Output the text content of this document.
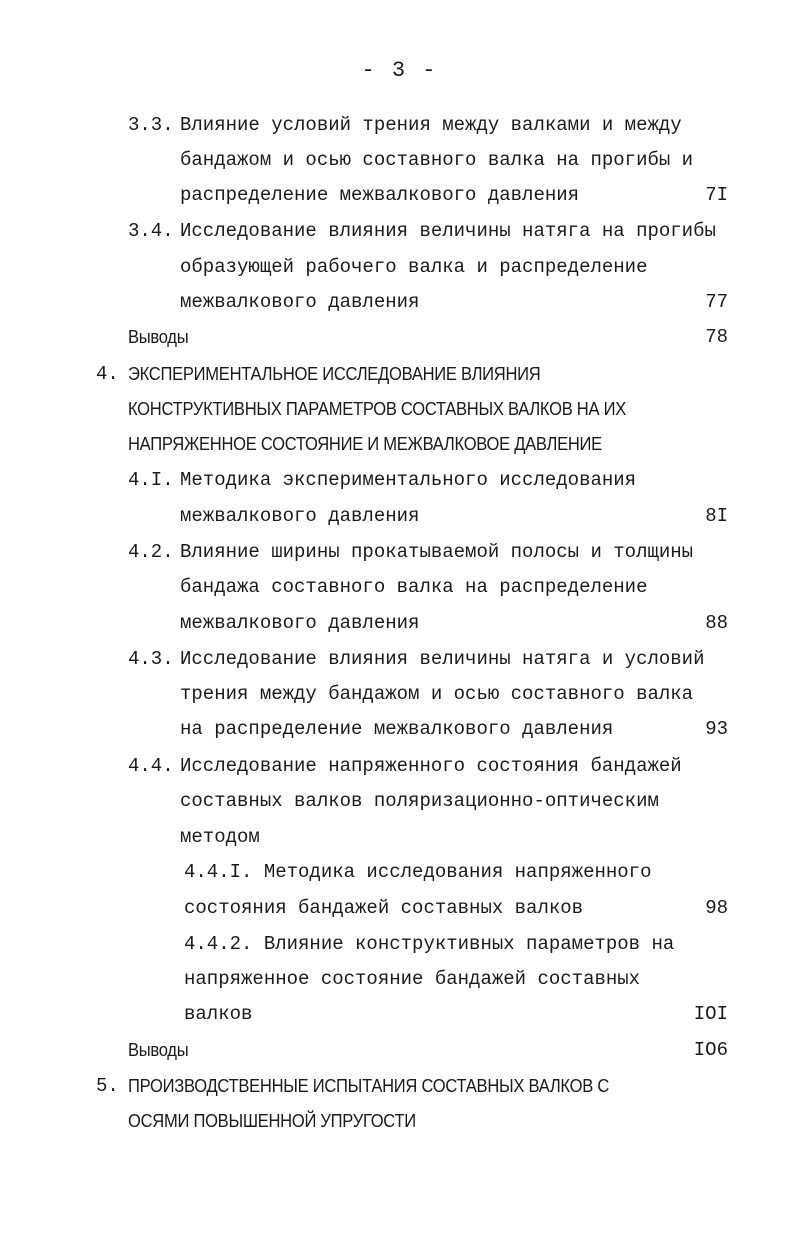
- 3 -
3.3. Влияние условий трения между валками и между
бандажом и осью составного валка на прогибы и
распределение межвалкового давления	7I
3.4. Исследование влияния величины натяга на прогибы
образующей рабочего валка и распределение
межвалкового давления	77
Выводы	78
4. ЭКСПЕРИМЕНТАЛЬНОЕ ИССЛЕДОВАНИЕ ВЛИЯНИЯ
КОНСТРУКТИВНЫХ ПАРАМЕТРОВ СОСТАВНЫХ ВАЛКОВ НА ИХ
НАПРЯЖЕННОЕ СОСТОЯНИЕ И МЕЖВАЛКОВОЕ ДАВЛЕНИЕ
4.I. Методика экспериментального исследования
межвалкового давления	8I
4.2. Влияние ширины прокатываемой полосы и толщины
бандажа составного валка на распределение
межвалкового давления	88
4.3. Исследование влияния величины натяга и условий
трения между бандажом и осью составного валка
на распределение межвалкового давления	93
4.4. Исследование напряженного состояния бандажей
составных валков поляризационно-оптическим
методом
4.4.I. Методика исследования напряженного
состояния бандажей составных валков	98
4.4.2. Влияние конструктивных параметров на
напряженное состояние бандажей составных
валков	IOI
Выводы	IO6
5. ПРОИЗВОДСТВЕННЫЕ ИСПЫТАНИЯ СОСТАВНЫХ ВАЛКОВ С
ОСЯМИ ПОВЫШЕННОЙ УПРУГОСТИ
